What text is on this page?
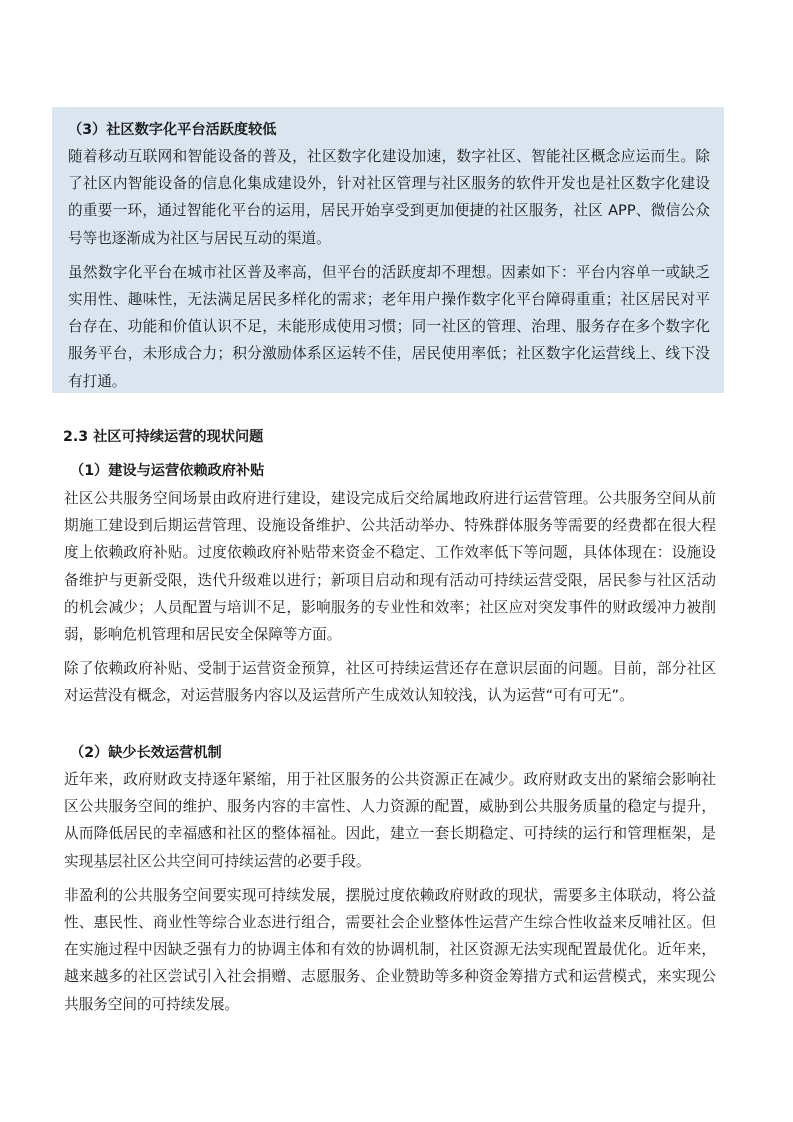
（3）社区数字化平台活跃度较低

随着移动互联网和智能设备的普及，社区数字化建设加速，数字社区、智能社区概念应运而生。除了社区内智能设备的信息化集成建设外，针对社区管理与社区服务的软件开发也是社区数字化建设的重要一环，通过智能化平台的运用，居民开始享受到更加便捷的社区服务，社区 APP、微信公众号等也逐渐成为社区与居民互动的渠道。

虽然数字化平台在城市社区普及率高，但平台的活跃度却不理想。因素如下：平台内容单一或缺乏实用性、趣味性，无法满足居民多样化的需求；老年用户操作数字化平台障碍重重；社区居民对平台存在、功能和价值认识不足，未能形成使用习惯；同一社区的管理、治理、服务存在多个数字化服务平台，未形成合力；积分激励体系区运转不佳，居民使用率低；社区数字化运营线上、线下没有打通。

2.3 社区可持续运营的现状问题

（1）建设与运营依赖政府补贴

社区公共服务空间场景由政府进行建设，建设完成后交给属地政府进行运营管理。公共服务空间从前期施工建设到后期运营管理、设施设备维护、公共活动举办、特殊群体服务等需要的经费都在很大程度上依赖政府补贴。过度依赖政府补贴带来资金不稳定、工作效率低下等问题，具体体现在：设施设备维护与更新受限，迭代升级难以进行；新项目启动和现有活动可持续运营受限，居民参与社区活动的机会减少；人员配置与培训不足，影响服务的专业性和效率；社区应对突发事件的财政缓冲力被削弱，影响危机管理和居民安全保障等方面。

除了依赖政府补贴、受制于运营资金预算，社区可持续运营还存在意识层面的问题。目前，部分社区对运营没有概念，对运营服务内容以及运营所产生成效认知较浅，认为运营“可有可无”。

（2）缺少长效运营机制

近年来，政府财政支持逐年紧缩，用于社区服务的公共资源正在减少。政府财政支出的紧缩会影响社区公共服务空间的维护、服务内容的丰富性、人力资源的配置，威胁到公共服务质量的稳定与提升，从而降低居民的幸福感和社区的整体福祉。因此，建立一套长期稳定、可持续的运行和管理框架，是实现基层社区公共空间可持续运营的必要手段。

非盈利的公共服务空间要实现可持续发展，摆脱过度依赖政府财政的现状，需要多主体联动，将公益性、惠民性、商业性等综合业态进行组合，需要社会企业整体性运营产生综合性收益来反哺社区。但在实施过程中因缺乏强有力的协调主体和有效的协调机制，社区资源无法实现配置最优化。近年来，越来越多的社区尝试引入社会捐赠、志愿服务、企业赞助等多种资金筹措方式和运营模式，来实现公共服务空间的可持续发展。
